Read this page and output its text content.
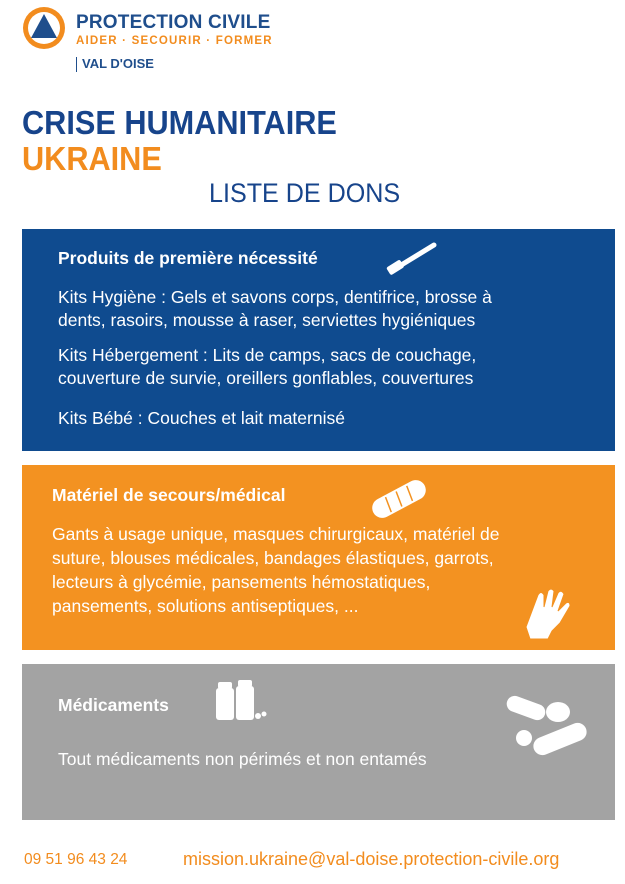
PROTECTION CIVILE
AIDER · SECOURIR · FORMER
VAL D'OISE
CRISE HUMANITAIRE
UKRAINE
LISTE DE DONS
Produits de première nécessité
Kits Hygiène : Gels et savons corps, dentifrice, brosse à
dents, rasoirs, mousse à raser, serviettes hygiéniques
Kits Hébergement : Lits de camps, sacs de couchage,
couverture de survie, oreillers gonflables, couvertures
Kits Bébé : Couches et lait maternisé
Matériel de secours/médical
Gants à usage unique, masques chirurgicaux, matériel de
suture, blouses médicales, bandages élastiques, garrots,
lecteurs à glycémie, pansements hémostatiques,
pansements, solutions antiseptiques, ...
Médicaments
Tout médicaments non périmés et non entamés
09 51 96 43 24	mission.ukraine@val-doise.protection-civile.org
